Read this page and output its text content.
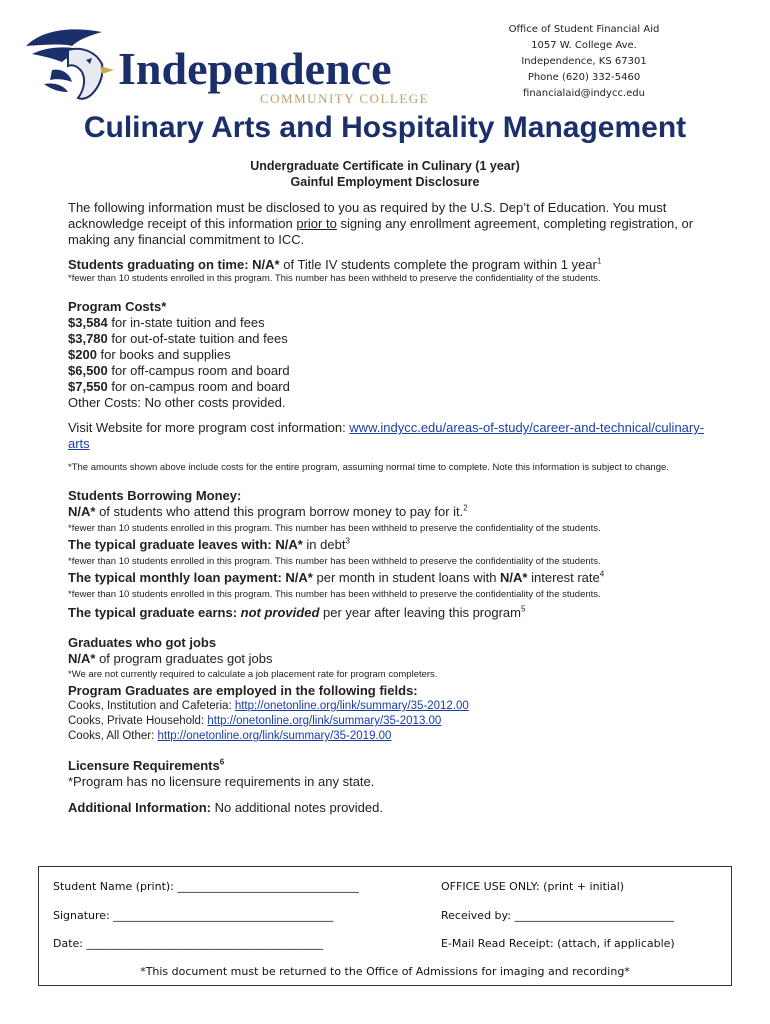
Independence
COMMUNITY COLLEGE
Office of Student Financial Aid
1057 W. College Ave.
Independence, KS 67301
Phone (620) 332-5460
financialaid@indycc.edu
Culinary Arts and Hospitality Management
Undergraduate Certificate in Culinary (1 year)
Gainful Employment Disclosure

The following information must be disclosed to you as required by the U.S. Dep’t of Education. You must acknowledge receipt of this information prior to signing any enrollment agreement, completing registration, or making any financial commitment to ICC.

Students graduating on time: N/A* of Title IV students complete the program within 1 year$^1$

*fewer than 10 students enrolled in this program. This number has been withheld to preserve the confidentiality of the students.

Program Costs*

$3,584 for in-state tuition and fees

$3,780 for out-of-state tuition and fees

$200 for books and supplies

$6,500 for off-campus room and board

$7,550 for on-campus room and board

Other Costs: No other costs provided.

Visit Website for more program cost information: www.indycc.edu/areas-of-study/career-and-technical/culinary-arts

*The amounts shown above include costs for the entire program, assuming normal time to complete. Note this information is subject to change.

Students Borrowing Money:

N/A* of students who attend this program borrow money to pay for it.$^2$

*fewer than 10 students enrolled in this program. This number has been withheld to preserve the confidentiality of the students.

The typical graduate leaves with: N/A* in debt$^3$

*fewer than 10 students enrolled in this program. This number has been withheld to preserve the confidentiality of the students.

The typical monthly loan payment: N/A* per month in student loans with N/A* interest rate$^4$

*fewer than 10 students enrolled in this program. This number has been withheld to preserve the confidentiality of the students.

The typical graduate earns: not provided per year after leaving this program$^5$

Graduates who got jobs

N/A* of program graduates got jobs

*We are not currently required to calculate a job placement rate for program completers.

Program Graduates are employed in the following fields:

Cooks, Institution and Cafeteria: http://onetonline.org/link/summary/35-2012.00

Cooks, Private Household: http://onetonline.org/link/summary/35-2013.00

Cooks, All Other: http://onetonline.org/link/summary/35-2019.00

Licensure Requirements$^6$

*Program has no licensure requirements in any state.

Additional Information: No additional notes provided.

Student Name (print): _________________________________	OFFICE USE ONLY: (print + initial)
Signature: ________________________________________	Received by: _____________________________
Date: ___________________________________________	E-Mail Read Receipt: (attach, if applicable)
*This document must be returned to the Office of Admissions for imaging and recording*
